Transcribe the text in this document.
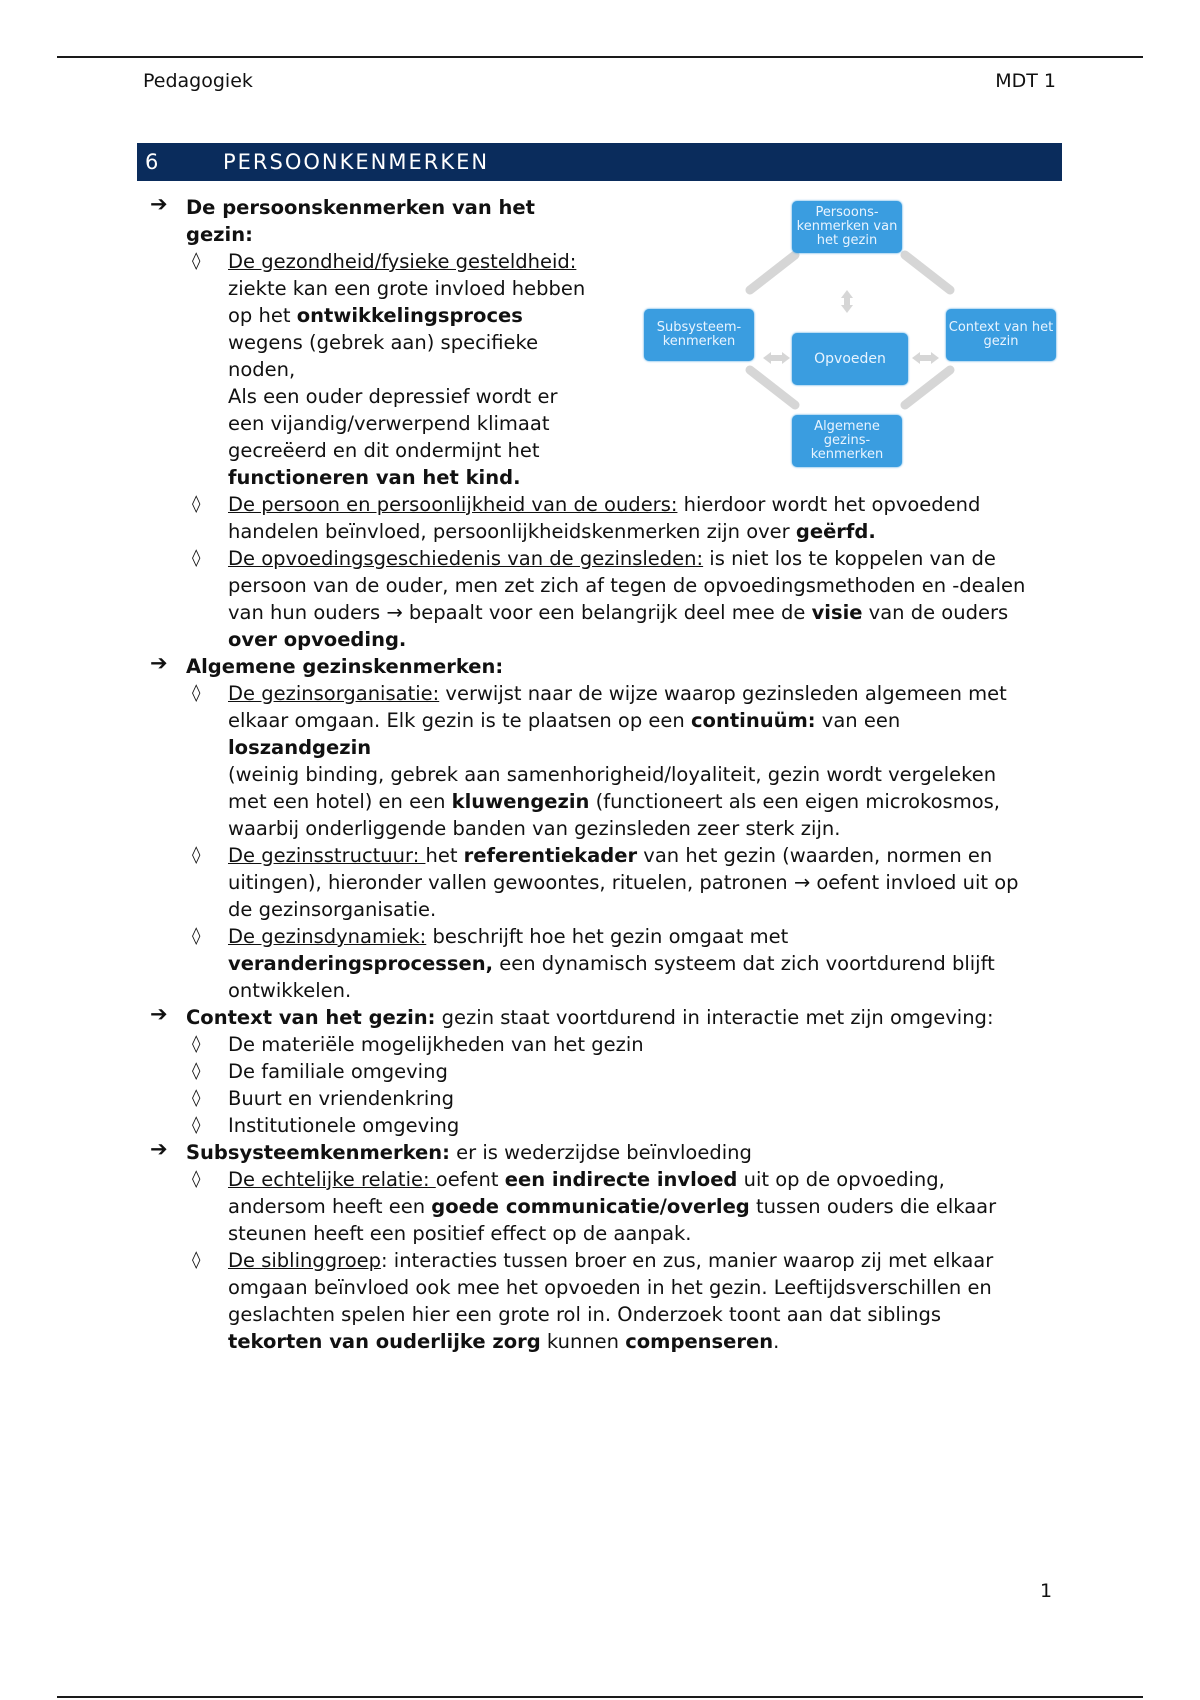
Pedagogiek	MDT 1
6	PERSOONKENMERKEN
Persoons-kenmerken van het gezin
Subsysteem-kenmerken
Context van het gezin
Opvoeden
Algemene gezins-kenmerken
➔ De persoonskenmerken van het
gezin:
◊ De gezondheid/fysieke gesteldheid:
ziekte kan een grote invloed hebben
op het ontwikkelingsproces
wegens (gebrek aan) specifieke
noden,
Als een ouder depressief wordt er
een vijandig/verwerpend klimaat
gecreëerd en dit ondermijnt het
functioneren van het kind.
◊ De persoon en persoonlijkheid van de ouders: hierdoor wordt het opvoedend
handelen beïnvloed, persoonlijkheidskenmerken zijn over geërfd.
◊ De opvoedingsgeschiedenis van de gezinsleden: is niet los te koppelen van de
persoon van de ouder, men zet zich af tegen de opvoedingsmethoden en -dealen
van hun ouders → bepaalt voor een belangrijk deel mee de visie van de ouders
over opvoeding.
➔ Algemene gezinskenmerken:
◊ De gezinsorganisatie: verwijst naar de wijze waarop gezinsleden algemeen met
elkaar omgaan. Elk gezin is te plaatsen op een continuüm: van een
loszandgezin
(weinig binding, gebrek aan samenhorigheid/loyaliteit, gezin wordt vergeleken
met een hotel) en een kluwengezin (functioneert als een eigen microkosmos,
waarbij onderliggende banden van gezinsleden zeer sterk zijn.
◊ De gezinsstructuur: het referentiekader van het gezin (waarden, normen en
uitingen), hieronder vallen gewoontes, rituelen, patronen → oefent invloed uit op
de gezinsorganisatie.
◊ De gezinsdynamiek: beschrijft hoe het gezin omgaat met
veranderingsprocessen, een dynamisch systeem dat zich voortdurend blijft
ontwikkelen.
➔ Context van het gezin: gezin staat voortdurend in interactie met zijn omgeving:
◊ De materiële mogelijkheden van het gezin
◊ De familiale omgeving
◊ Buurt en vriendenkring
◊ Institutionele omgeving
➔ Subsysteemkenmerken: er is wederzijdse beïnvloeding
◊ De echtelijke relatie: oefent een indirecte invloed uit op de opvoeding,
andersom heeft een goede communicatie/overleg tussen ouders die elkaar
steunen heeft een positief effect op de aanpak.
◊ De siblinggroep: interacties tussen broer en zus, manier waarop zij met elkaar
omgaan beïnvloed ook mee het opvoeden in het gezin. Leeftijdsverschillen en
geslachten spelen hier een grote rol in. Onderzoek toont aan dat siblings
tekorten van ouderlijke zorg kunnen compenseren.
1
